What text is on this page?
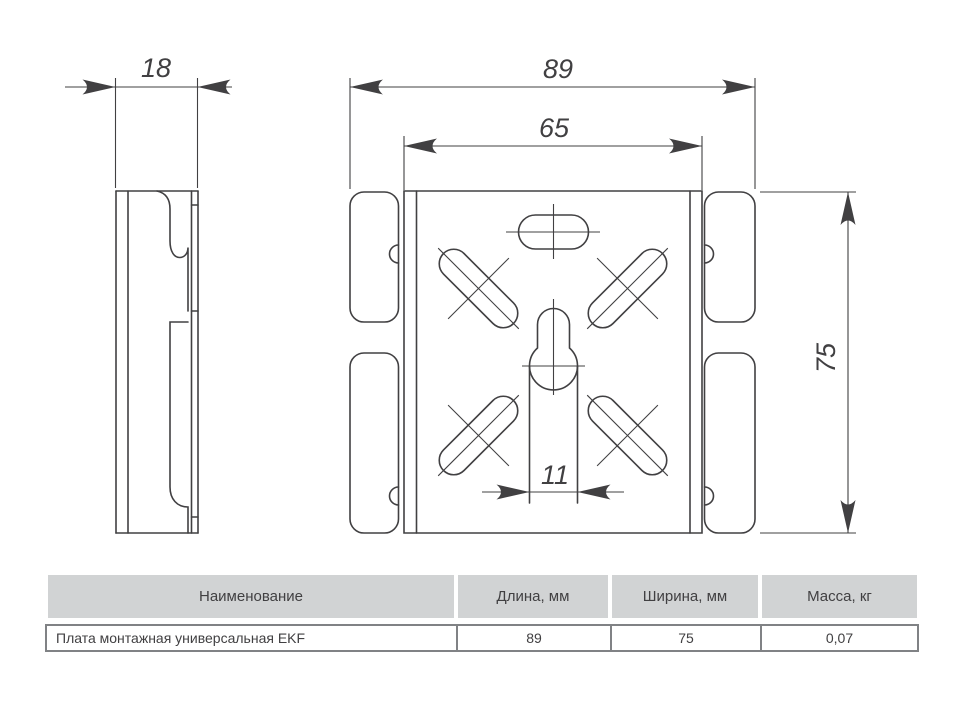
18	89
65
75
11
Наименование	Длина, мм	Ширина, мм	Масса, кг
Плата монтажная универсальная EKF	89	75	0,07
